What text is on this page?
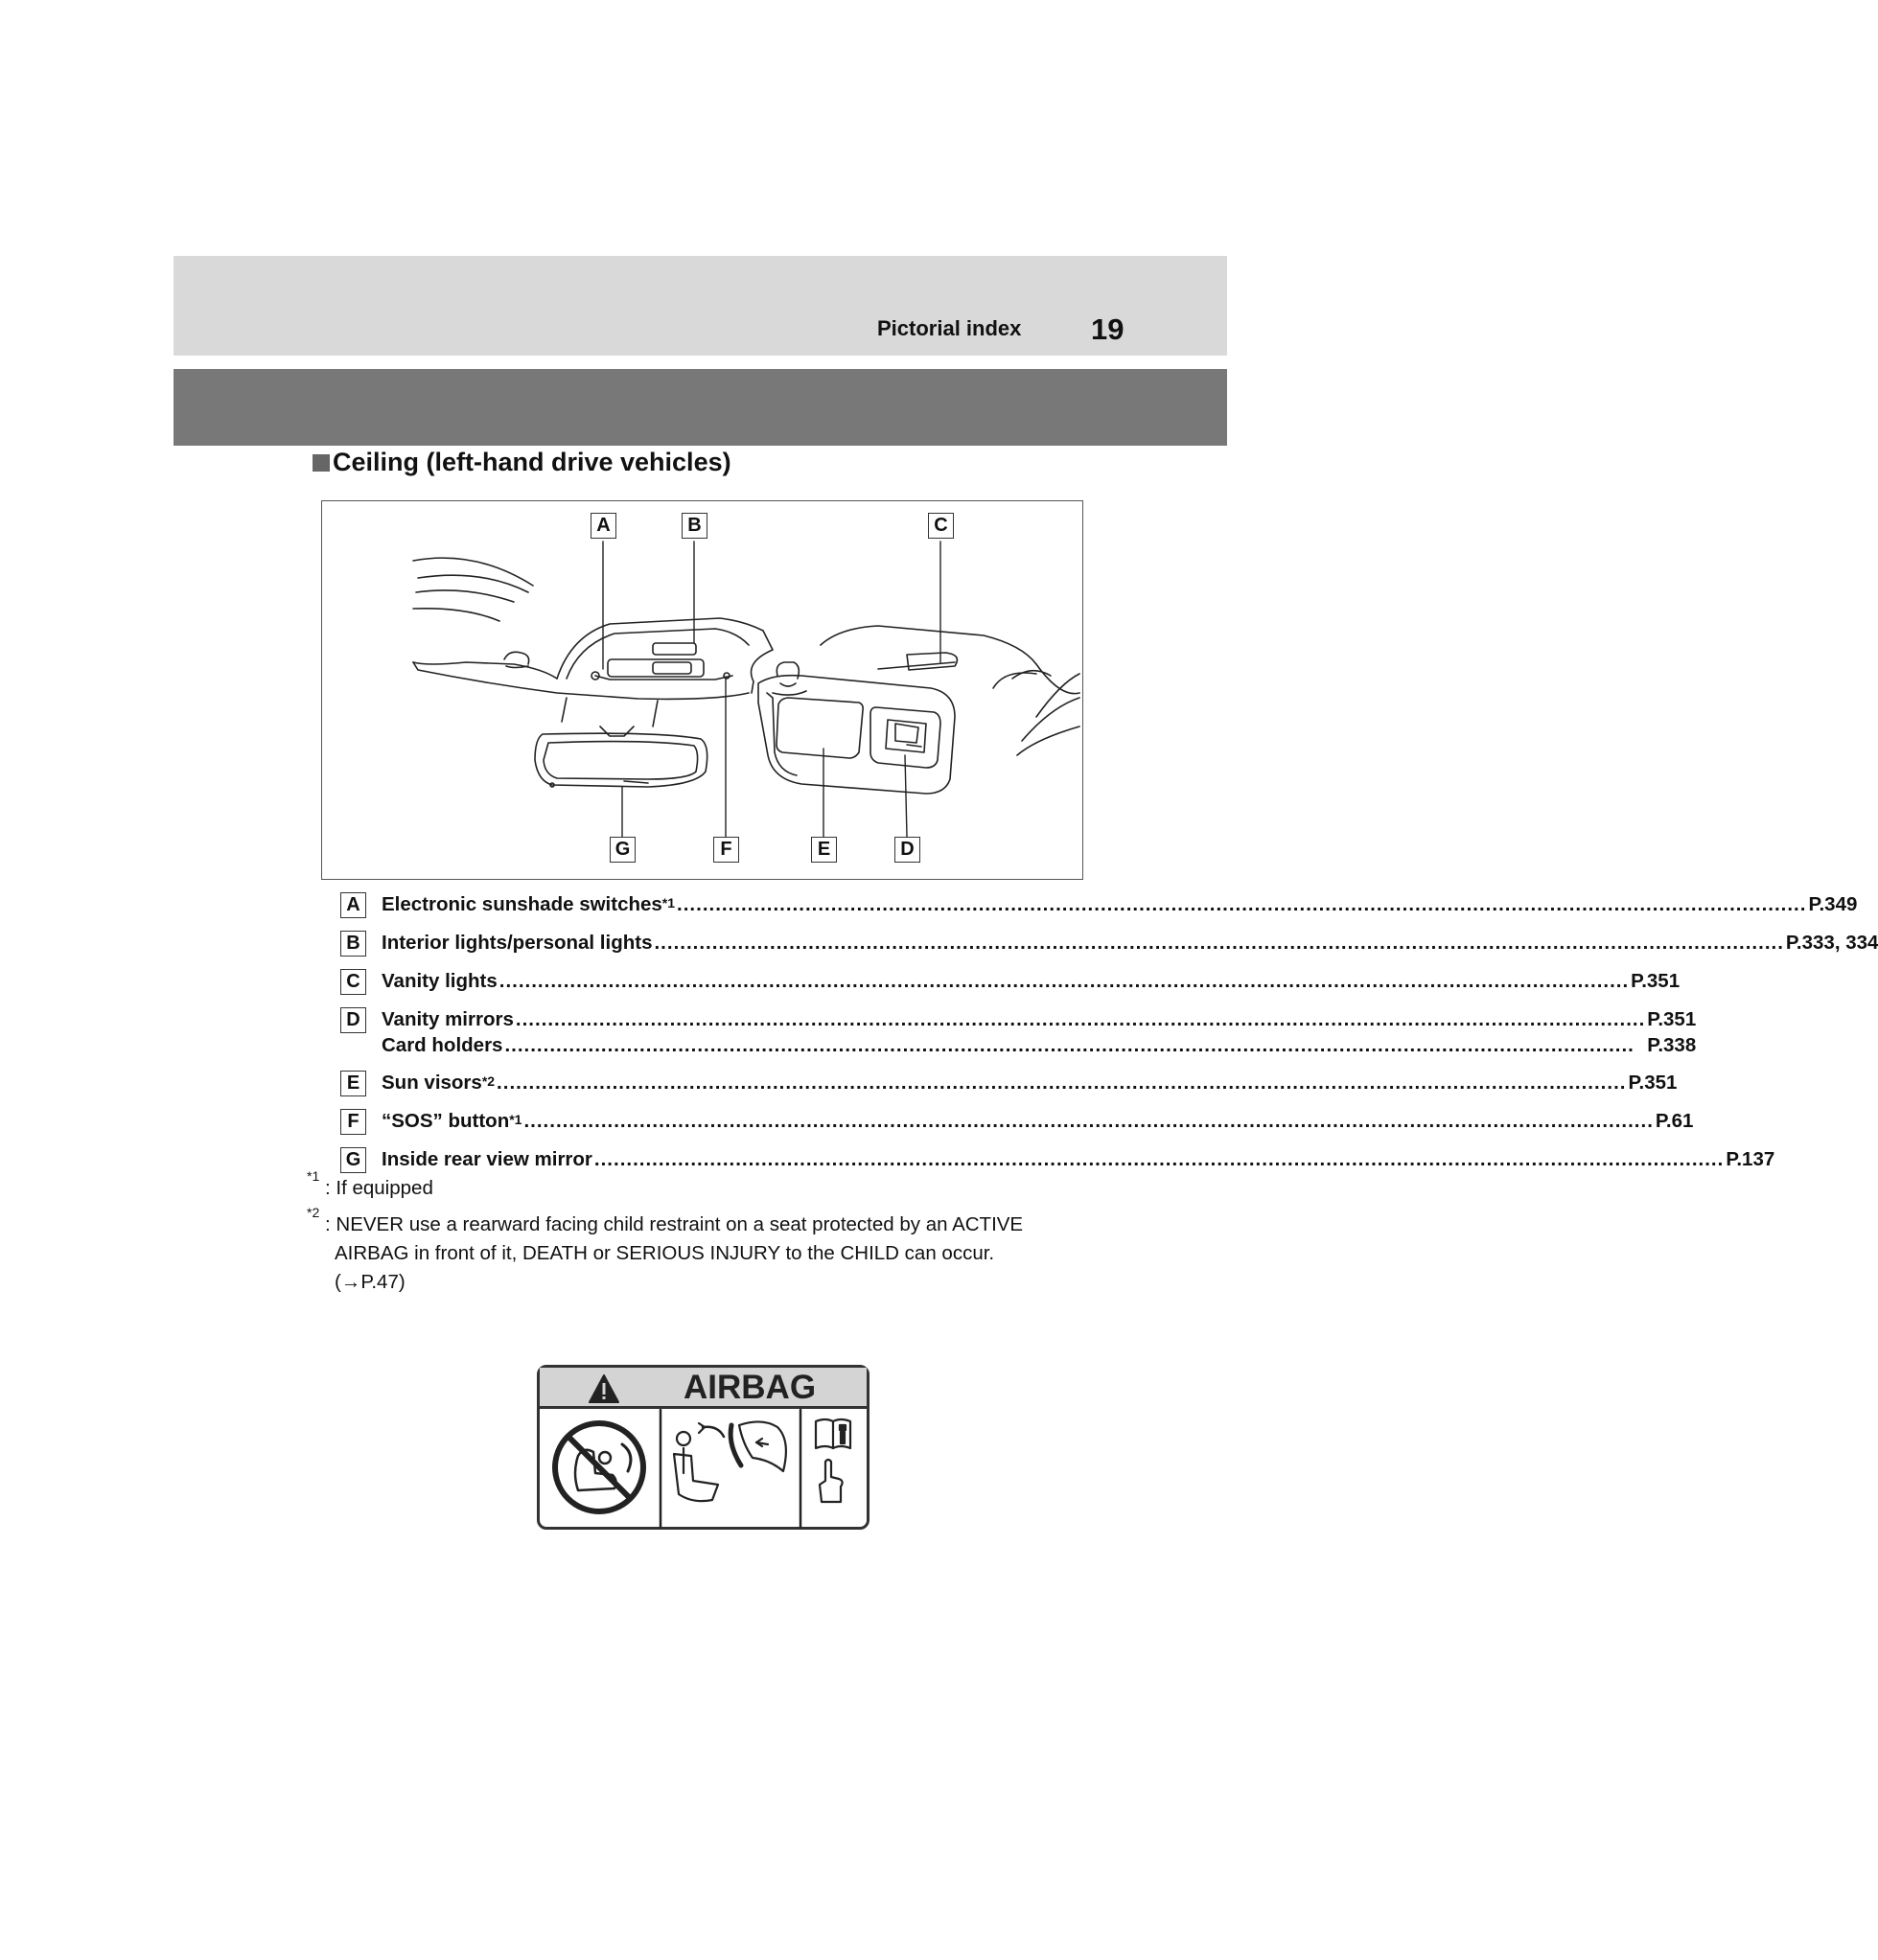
Pictorial index 19
Ceiling (left-hand drive vehicles)
A	B	C
G	F	E	D
A	Electronic sunshade switches$^{*1}$ .....	P.349
B	Interior lights/personal lights .....	P.333, 334
C	Vanity lights .....	P.351
D	Vanity mirrors .....	P.351
Card holders .....	P.338
E	Sun visors$^{*2}$ .....	P.351
F	“SOS” button$^{*1}$ .....	P.61
G Inside rear view mirror .....	P.137
*1
: If equipped
*2
: NEVER use a rearward facing child restraint on a seat protected by an ACTIVE
AIRBAG in front of it, DEATH or SERIOUS INJURY to the CHILD can occur.
(→P.47)
AIRBAG
